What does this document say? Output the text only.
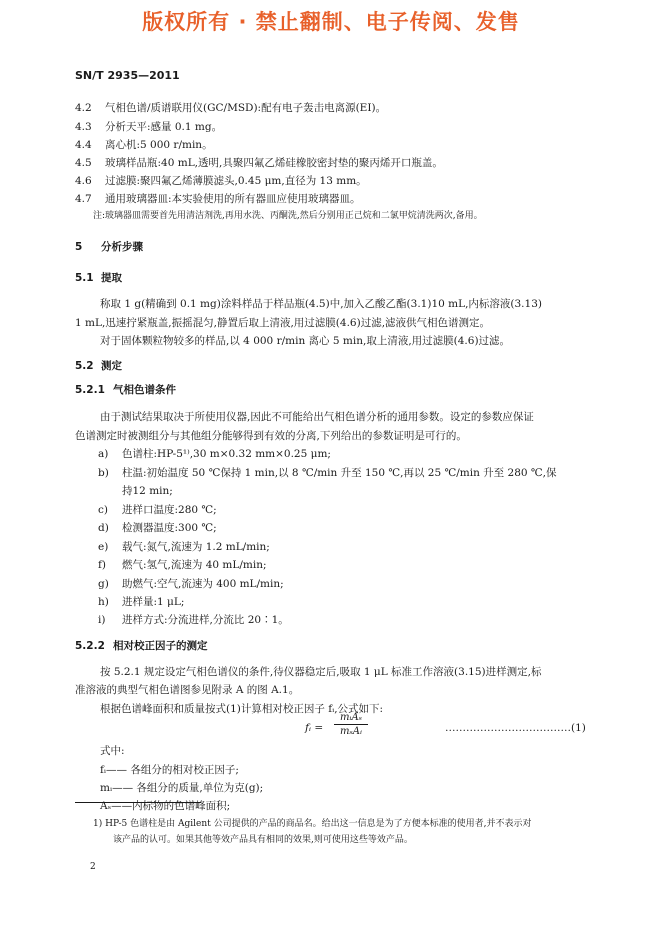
版权所有 · 禁止翻制、电子传阅、发售
SN/T 2935—2011
4.2 气相色谱/质谱联用仪(GC/MSD):配有电子轰击电离源(EI)。
4.3 分析天平:感量 0.1 mg。
4.4 离心机:5 000 r/min。
4.5 玻璃样品瓶:40 mL,透明,具聚四氟乙烯硅橡胶密封垫的聚丙烯开口瓶盖。
4.6 过滤膜:聚四氟乙烯薄膜滤头,0.45 μm,直径为 13 mm。
4.7 通用玻璃器皿:本实验使用的所有器皿应使用玻璃器皿。
注:玻璃器皿需要首先用清洁剂洗,再用水洗、丙酮洗,然后分别用正己烷和二氯甲烷清洗两次,备用。
5 分析步骤
5.1 提取
称取 1 g(精确到 0.1 mg)涂料样品于样品瓶(4.5)中,加入乙酸乙酯(3.1)10 mL,内标溶液(3.13)
1 mL,迅速拧紧瓶盖,振摇混匀,静置后取上清液,用过滤膜(4.6)过滤,滤液供气相色谱测定。
对于固体颗粒物较多的样品,以 4 000 r/min 离心 5 min,取上清液,用过滤膜(4.6)过滤。
5.2 测定
5.2.1 气相色谱条件
由于测试结果取决于所使用仪器,因此不可能给出气相色谱分析的通用参数。设定的参数应保证
色谱测定时被测组分与其他组分能够得到有效的分离,下列给出的参数证明是可行的。
a) 色谱柱:HP-5¹⁾,30 m×0.32 mm×0.25 μm;
b) 柱温:初始温度 50 ℃保持 1 min,以 8 ℃/min 升至 150 ℃,再以 25 ℃/min 升至 280 ℃,保
持12 min;
c) 进样口温度:280 ℃;
d) 检测器温度:300 ℃;
e) 载气:氮气,流速为 1.2 mL/min;
f) 燃气:氢气,流速为 40 mL/min;
g) 助燃气:空气,流速为 400 mL/min;
h) 进样量:1 μL;
i) 进样方式:分流进样,分流比 20∶1。
5.2.2 相对校正因子的测定
按 5.2.1 规定设定气相色谱仪的条件,待仪器稳定后,吸取 1 μL 标准工作溶液(3.15)进样测定,标
准溶液的典型气相色谱图参见附录 A 的图 A.1。
根据色谱峰面积和质量按式(1)计算相对校正因子 fᵢ,公式如下:
fᵢ =
mᵢAₛ
mₛAᵢ	………………………………(1)
式中:
fᵢ—— 各组分的相对校正因子;
mᵢ—— 各组分的质量,单位为克(g);
Aₛ——内标物的色谱峰面积;
1) HP-5 色谱柱是由 Agilent 公司提供的产品的商品名。给出这一信息是为了方便本标准的使用者,并不表示对
该产品的认可。如果其他等效产品具有相同的效果,则可使用这些等效产品。
2
